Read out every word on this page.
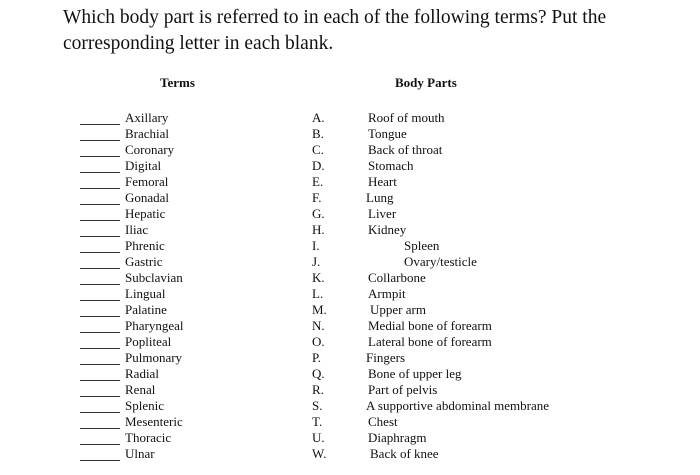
Which body part is referred to in each of the following terms? Put the
corresponding letter in each blank.
Terms	Body Parts
Axillary	A.	Roof of mouth
Brachial	B.	Tongue
Coronary	C.	Back of throat
Digital	D.	Stomach
Femoral	E.	Heart
Gonadal	F.	Lung
Hepatic	G.	Liver
Iliac	H.	Kidney
Phrenic	I.	Spleen
Gastric	J.	Ovary/testicle
Subclavian	K.	Collarbone
Lingual	L.	Armpit
Palatine	M.	Upper arm
Pharyngeal	N.	Medial bone of forearm
Popliteal	O.	Lateral bone of forearm
Pulmonary	P.	Fingers
Radial	Q.	Bone of upper leg
Renal	R.	Part of pelvis
Splenic	S.	A supportive abdominal membrane
Mesenteric	T.	Chest
Thoracic	U.	Diaphragm
Ulnar	W.	Back of knee
